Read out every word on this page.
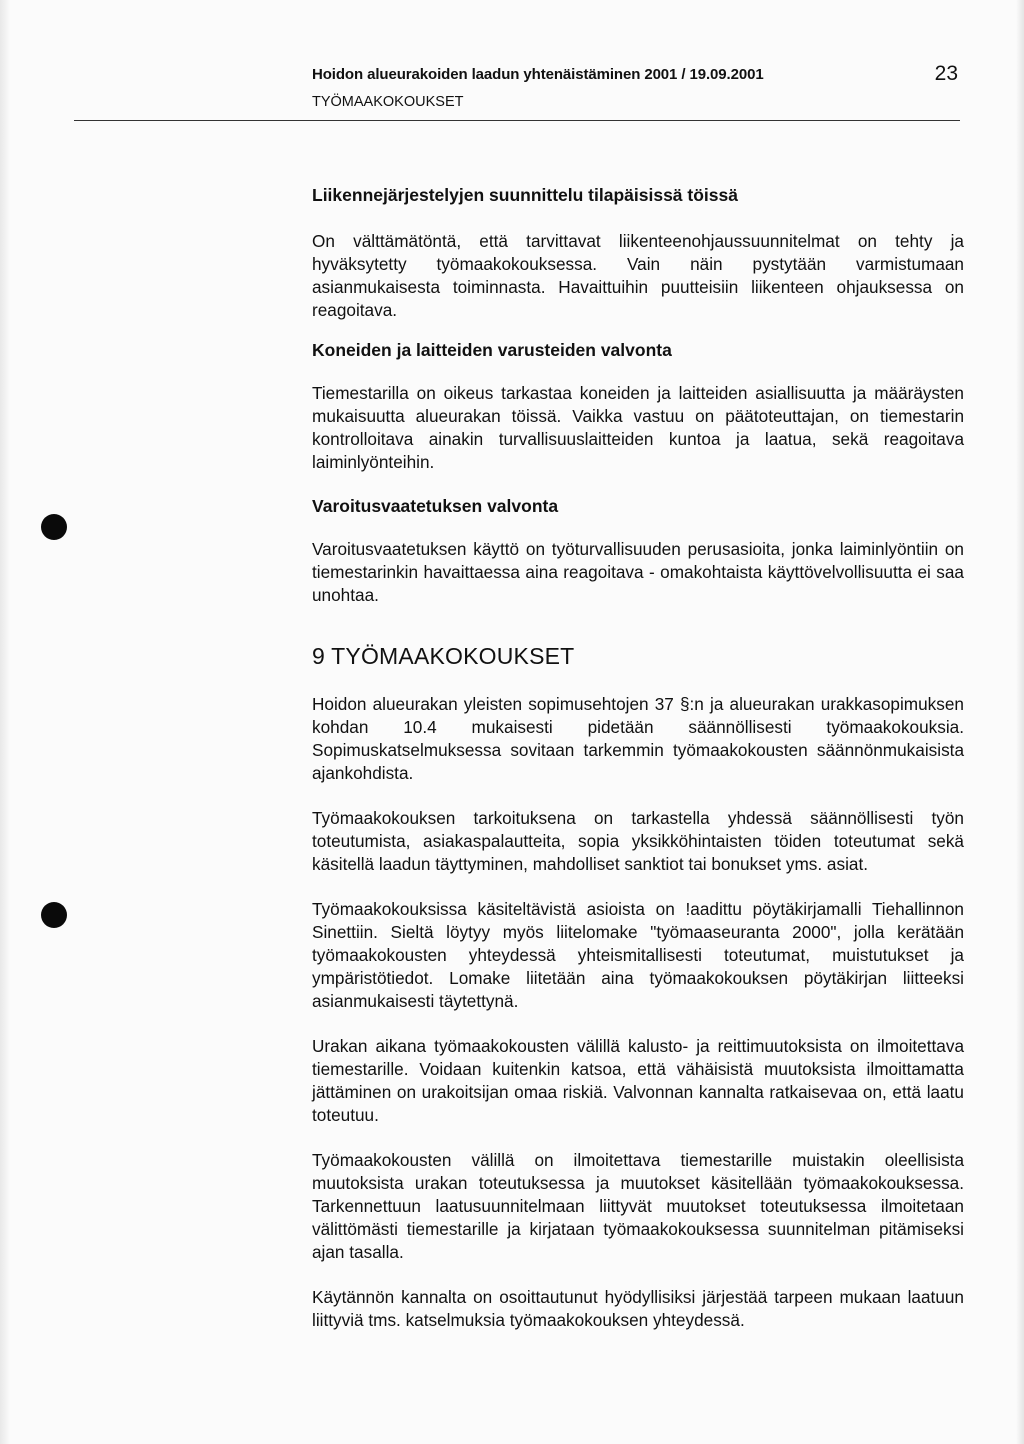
Hoidon alueurakoiden laadun yhtenäistäminen 2001 / 19.09.2001
TYÖMAAKOKOUKSET
23
Liikennejärjestelyjen suunnittelu tilapäisissä töissä

On välttämätöntä, että tarvittavat liikenteenohjaussuunnitelmat on tehty ja hyväksytetty työmaakokouksessa. Vain näin pystytään varmistumaan asianmukaisesta toiminnasta. Havaittuihin puutteisiin liikenteen ohjauksessa on reagoitava.

Koneiden ja laitteiden varusteiden valvonta

Tiemestarilla on oikeus tarkastaa koneiden ja laitteiden asiallisuutta ja määräysten mukaisuutta alueurakan töissä. Vaikka vastuu on päätoteuttajan, on tiemestarin kontrolloitava ainakin turvallisuuslaitteiden kuntoa ja laatua, sekä reagoitava laiminlyönteihin.

Varoitusvaatetuksen valvonta

Varoitusvaatetuksen käyttö on työturvallisuuden perusasioita, jonka laiminlyöntiin on tiemestarinkin havaittaessa aina reagoitava - omakohtaista käyttövelvollisuutta ei saa unohtaa.

9 TYÖMAAKOKOUKSET

Hoidon alueurakan yleisten sopimusehtojen 37 §:n ja alueurakan urakkasopimuksen kohdan 10.4 mukaisesti pidetään säännöllisesti työmaakokouksia. Sopimuskatselmuksessa sovitaan tarkemmin työmaakokousten säännönmukaisista ajankohdista.

Työmaakokouksen tarkoituksena on tarkastella yhdessä säännöllisesti työn toteutumista, asiakaspalautteita, sopia yksikköhintaisten töiden toteutumat sekä käsitellä laadun täyttyminen, mahdolliset sanktiot tai bonukset yms. asiat.

Työmaakokouksissa käsiteltävistä asioista on !aadittu pöytäkirjamalli Tiehallinnon Sinettiin. Sieltä löytyy myös liitelomake "työmaaseuranta 2000", jolla kerätään työmaakokousten yhteydessä yhteismitallisesti toteutumat, muistutukset ja ympäristötiedot. Lomake liitetään aina työmaakokouksen pöytäkirjan liitteeksi asianmukaisesti täytettynä.

Urakan aikana työmaakokousten välillä kalusto- ja reittimuutoksista on ilmoitettava tiemestarille. Voidaan kuitenkin katsoa, että vähäisistä muutoksista ilmoittamatta jättäminen on urakoitsijan omaa riskiä. Valvonnan kannalta ratkaisevaa on, että laatu toteutuu.

Työmaakokousten välillä on ilmoitettava tiemestarille muistakin oleellisista muutoksista urakan toteutuksessa ja muutokset käsitellään työmaakokouksessa. Tarkennettuun laatusuunnitelmaan liittyvät muutokset toteutuksessa ilmoitetaan välittömästi tiemestarille ja kirjataan työmaakokouksessa suunnitelman pitämiseksi ajan tasalla.

Käytännön kannalta on osoittautunut hyödyllisiksi järjestää tarpeen mukaan laatuun liittyviä tms. katselmuksia työmaakokouksen yhteydessä.
